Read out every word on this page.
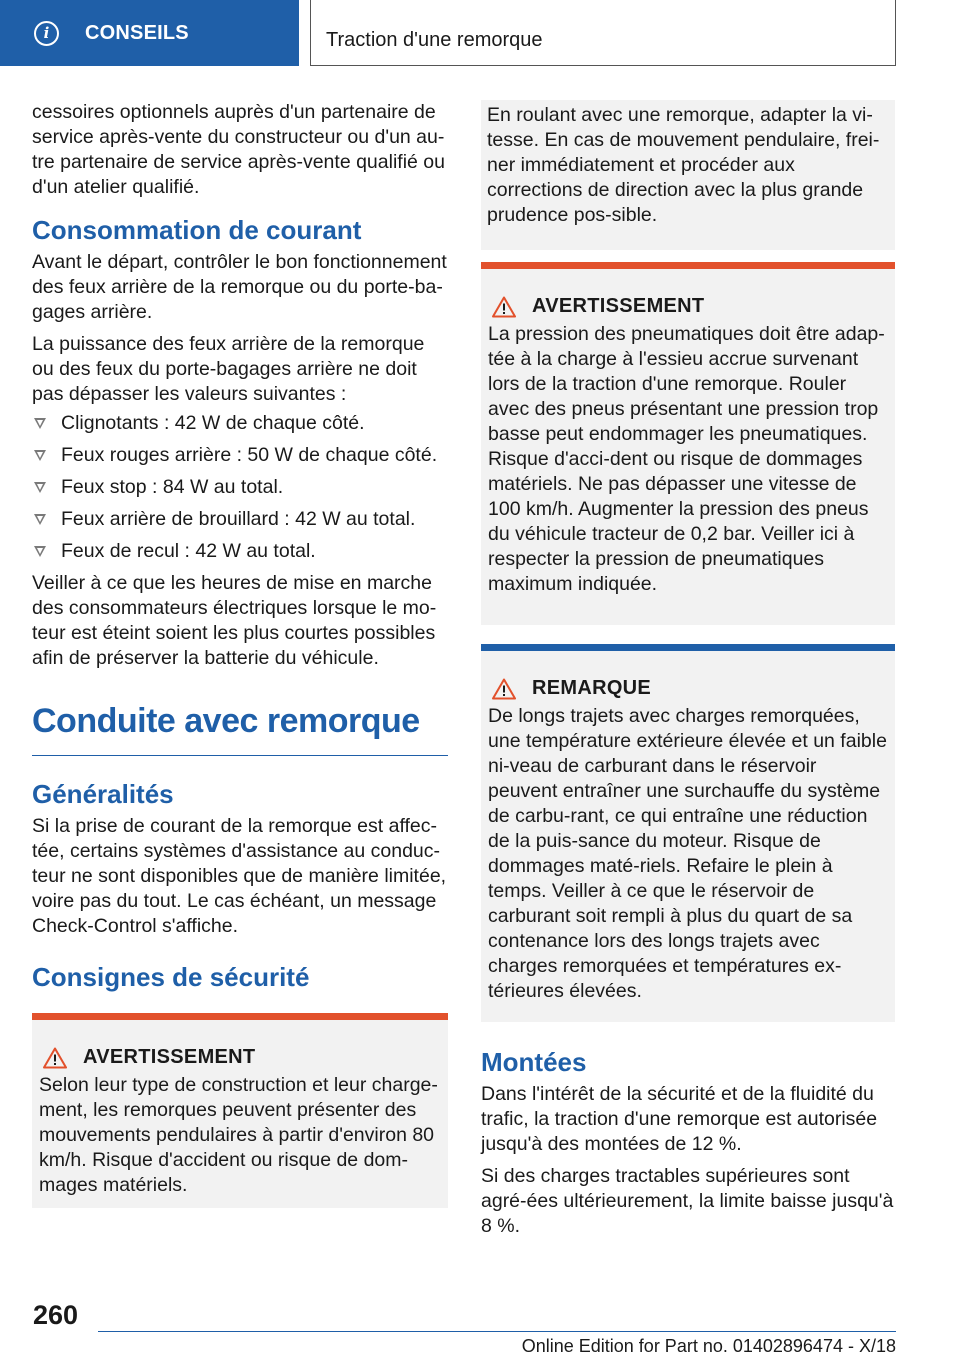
i	CONSEILS	Traction d'une remorque

cessoires optionnels auprès d'un partenaire de service après-vente du constructeur ou d'un au-tre partenaire de service après-vente qualifié ou d'un atelier qualifié.

Consommation de courant

Avant le départ, contrôler le bon fonctionnement des feux arrière de la remorque ou du porte-ba-gages arrière.

La puissance des feux arrière de la remorque ou des feux du porte-bagages arrière ne doit pas dépasser les valeurs suivantes :

Clignotants : 42 W de chaque côté.
Feux rouges arrière : 50 W de chaque côté.
Feux stop : 84 W au total.
Feux arrière de brouillard : 42 W au total.
Feux de recul : 42 W au total.

Veiller à ce que les heures de mise en marche des consommateurs électriques lorsque le mo-teur est éteint soient les plus courtes possibles afin de préserver la batterie du véhicule.

Conduite avec remorque
Généralités

Si la prise de courant de la remorque est affec-tée, certains systèmes d'assistance au conduc-teur ne sont disponibles que de manière limitée, voire pas du tout. Le cas échéant, un message Check-Control s'affiche.

Consignes de sécurité
AVERTISSEMENT

Selon leur type de construction et leur charge-ment, les remorques peuvent présenter des mouvements pendulaires à partir d'environ 80 km/h. Risque d'accident ou risque de dom-mages matériels.

En roulant avec une remorque, adapter la vi-tesse. En cas de mouvement pendulaire, frei-ner immédiatement et procéder aux corrections de direction avec la plus grande prudence pos-sible.

AVERTISSEMENT

La pression des pneumatiques doit être adap-tée à la charge à l'essieu accrue survenant lors de la traction d'une remorque. Rouler avec des pneus présentant une pression trop basse peut endommager les pneumatiques. Risque d'acci-dent ou risque de dommages matériels. Ne pas dépasser une vitesse de 100 km/h. Augmenter la pression des pneus du véhicule tracteur de 0,2 bar. Veiller ici à respecter la pression de pneumatiques maximum indiquée.

REMARQUE

De longs trajets avec charges remorquées, une température extérieure élevée et un faible ni-veau de carburant dans le réservoir peuvent entraîner une surchauffe du système de carbu-rant, ce qui entraîne une réduction de la puis-sance du moteur. Risque de dommages maté-riels. Refaire le plein à temps. Veiller à ce que le réservoir de carburant soit rempli à plus du quart de sa contenance lors des longs trajets avec charges remorquées et températures ex-térieures élevées.

Montées

Dans l'intérêt de la sécurité et de la fluidité du trafic, la traction d'une remorque est autorisée jusqu'à des montées de 12 %.

Si des charges tractables supérieures sont agré-ées ultérieurement, la limite baisse jusqu'à 8 %.

260
Online Edition for Part no. 01402896474 - X/18
